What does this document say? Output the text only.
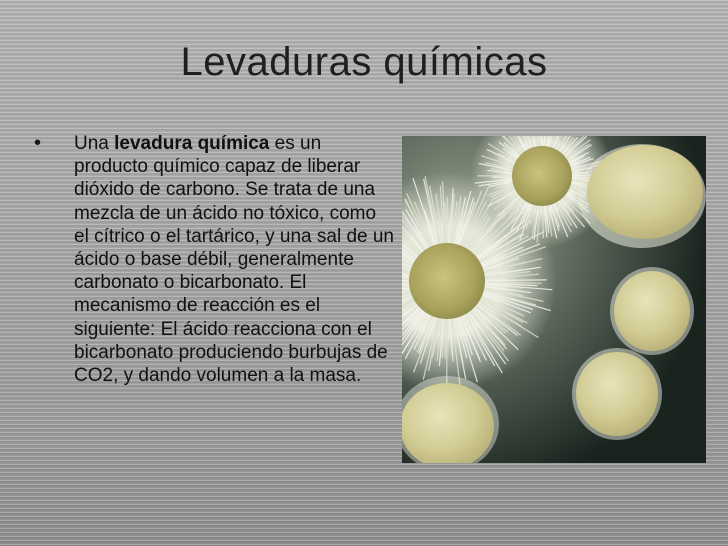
Levaduras químicas
• Una levadura química es un producto químico capaz de liberar dióxido de carbono. Se trata de una mezcla de un ácido no tóxico, como el cítrico o el tartárico, y una sal de un ácido o base débil, generalmente carbonato o bicarbonato. El mecanismo de reacción es el siguiente: El ácido reacciona con el bicarbonato produciendo burbujas de CO2, y dando volumen a la masa.
